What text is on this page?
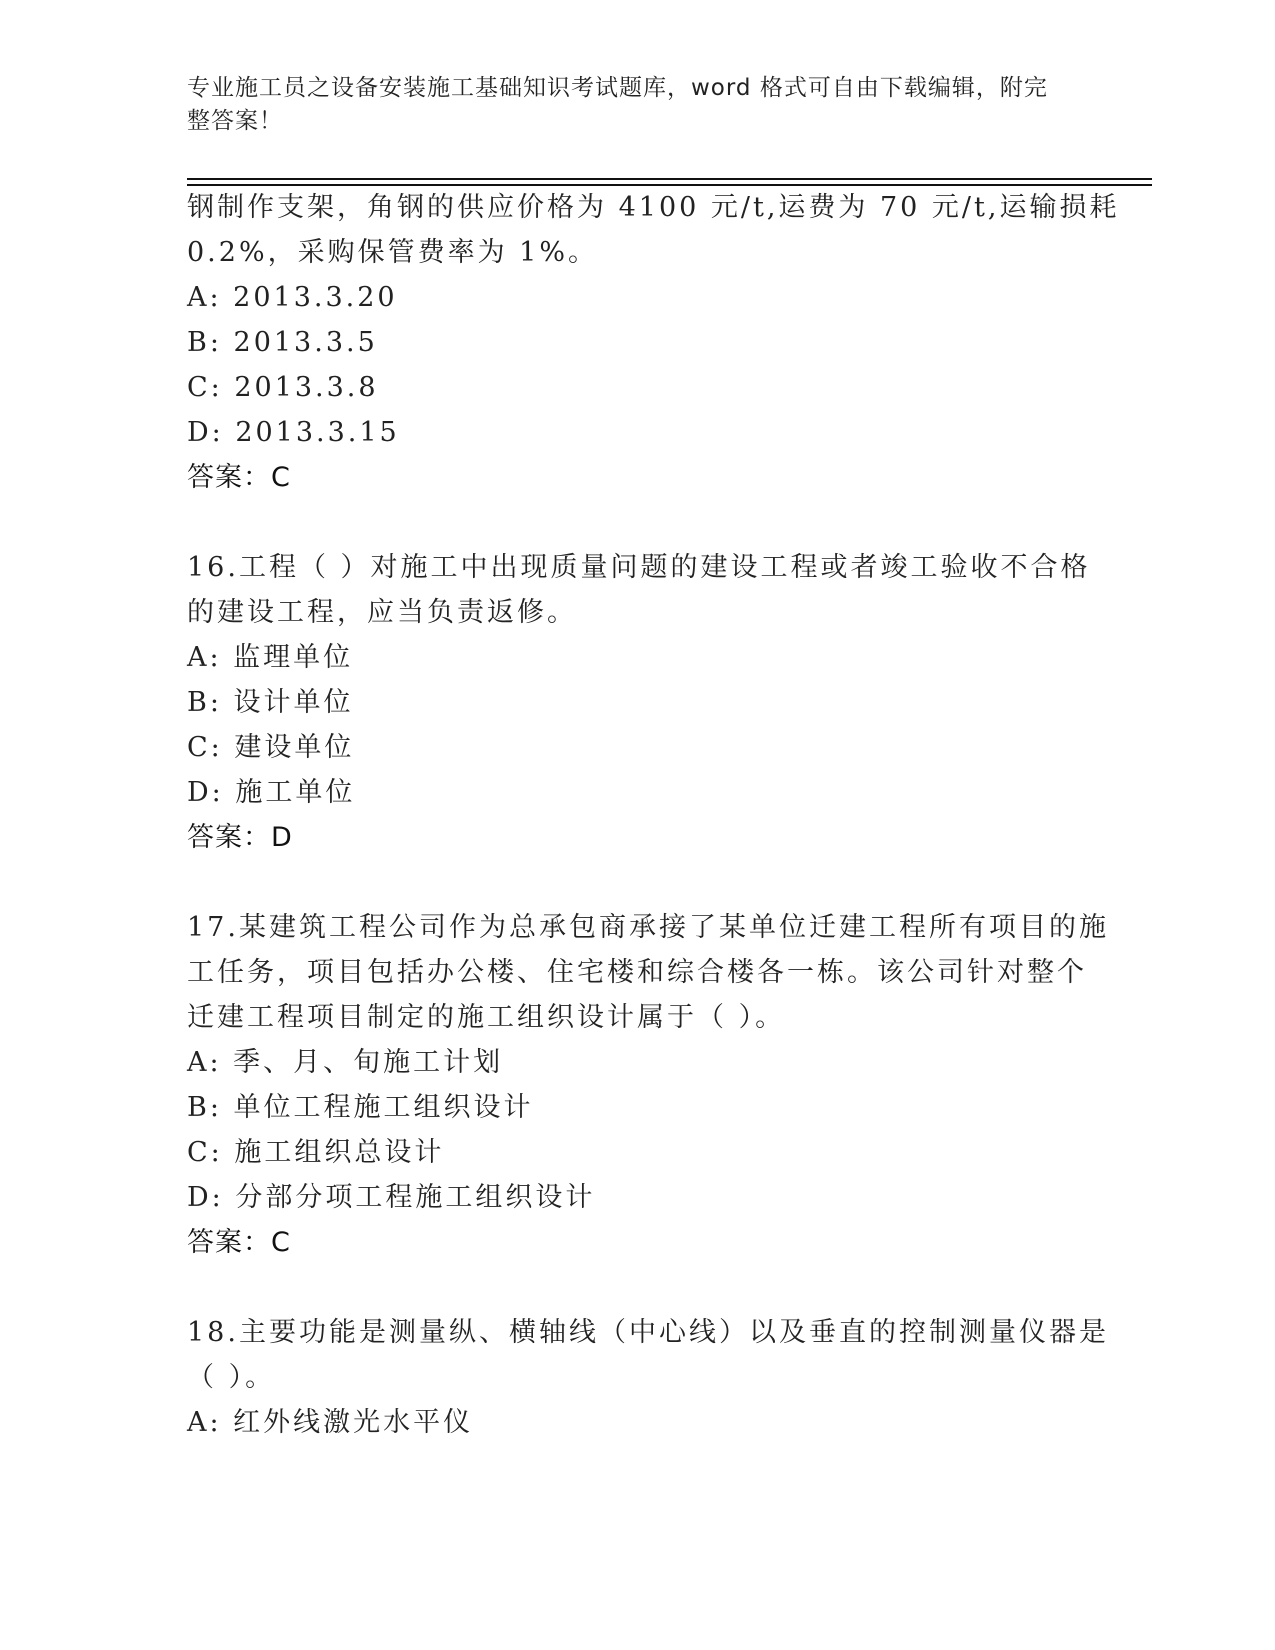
专业施工员之设备安装施工基础知识考试题库，word 格式可自由下载编辑，附完
整答案！
钢制作支架，角钢的供应价格为 4100 元/t,运费为 70 元/t,运输损耗
0.2%，采购保管费率为 1%。
A: 2013.3.20
B: 2013.3.5
C: 2013.3.8
D: 2013.3.15
答案：C
16.工程（ ）对施工中出现质量问题的建设工程或者竣工验收不合格
的建设工程，应当负责返修。
A: 监理单位
B: 设计单位
C: 建设单位
D: 施工单位
答案：D
17.某建筑工程公司作为总承包商承接了某单位迁建工程所有项目的施
工任务，项目包括办公楼、住宅楼和综合楼各一栋。该公司针对整个
迁建工程项目制定的施工组织设计属于（ ）。
A: 季、月、旬施工计划
B: 单位工程施工组织设计
C: 施工组织总设计
D: 分部分项工程施工组织设计
答案：C
18.主要功能是测量纵、横轴线（中心线）以及垂直的控制测量仪器是
（ ）。
A: 红外线激光水平仪
